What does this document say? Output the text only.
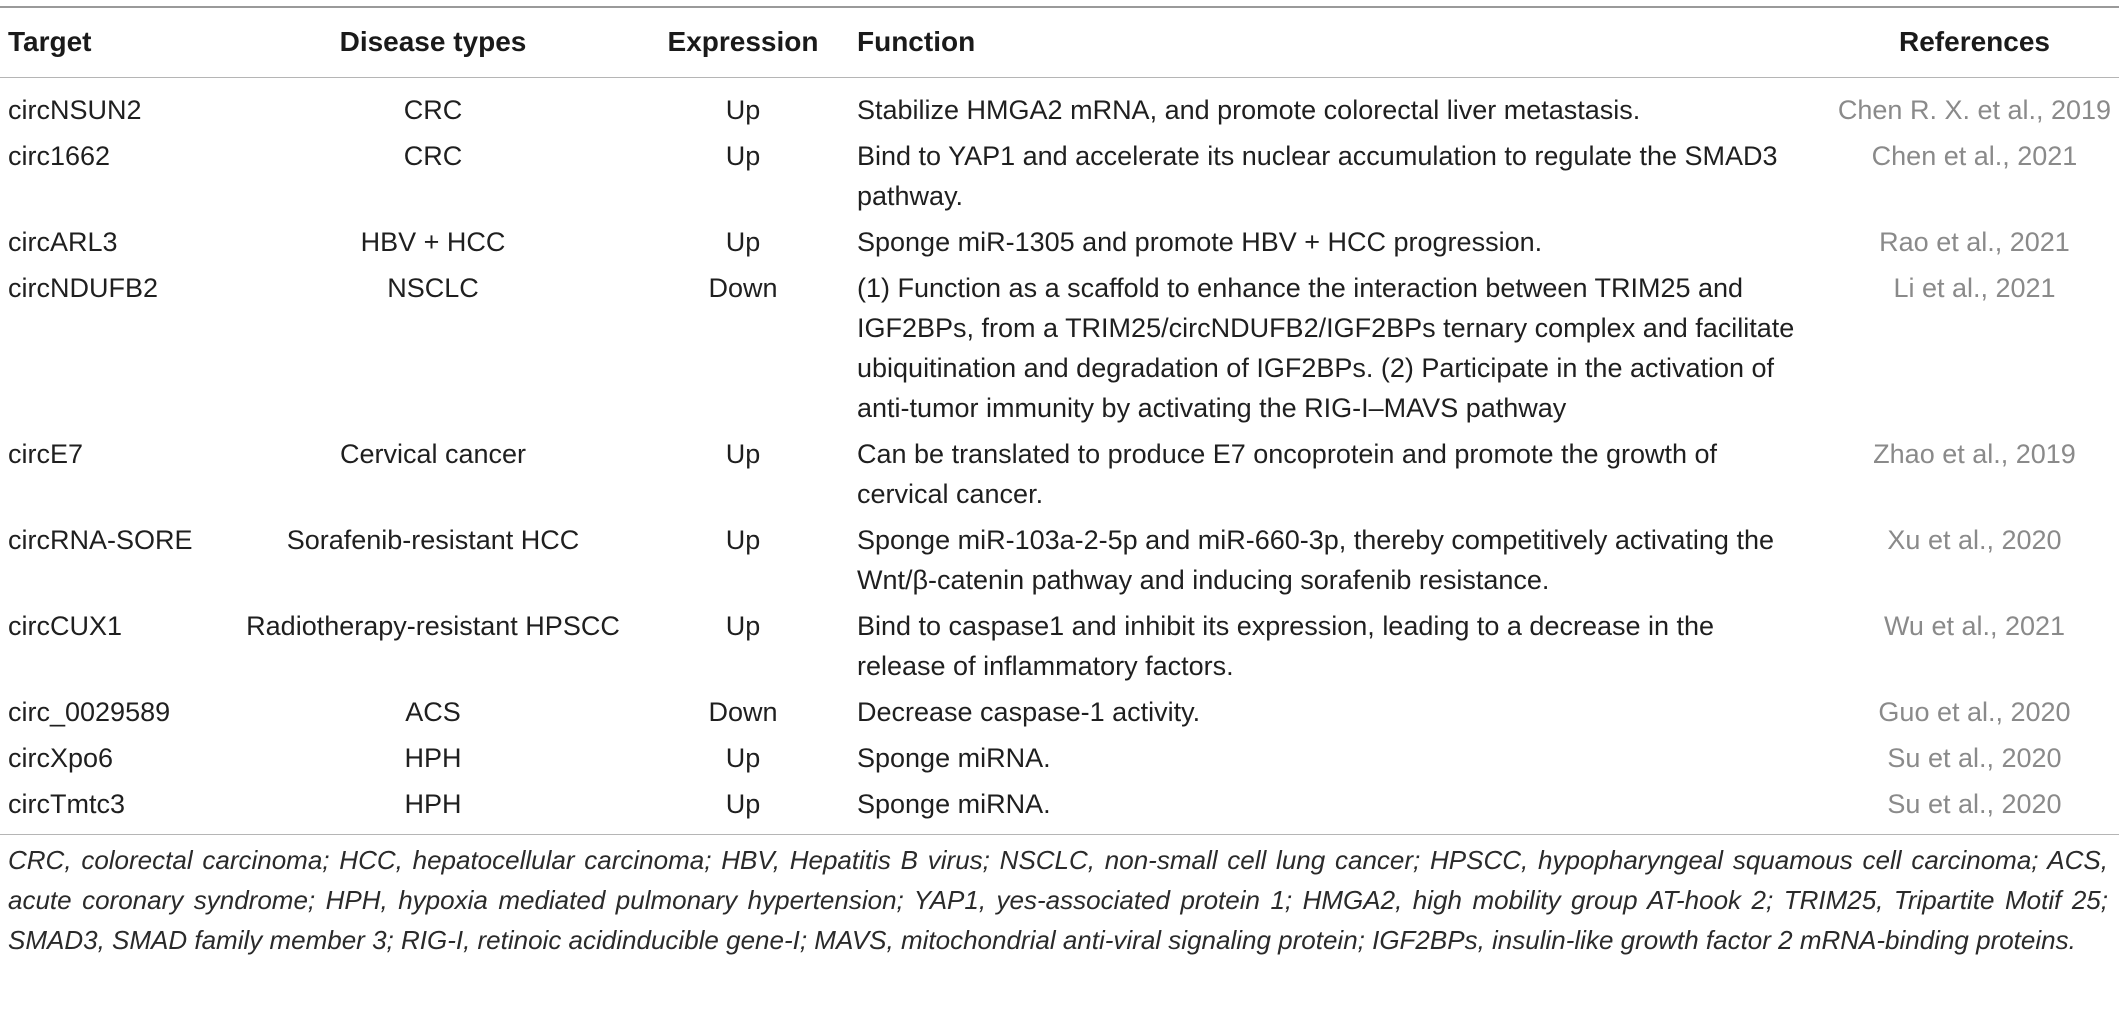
Target	Disease types	Expression	Function	References
circNSUN2	CRC	Up	Stabilize HMGA2 mRNA, and promote colorectal liver metastasis.	Chen R. X. et al., 2019
circ1662	CRC	Up	Bind to YAP1 and accelerate its nuclear accumulation to regulate the SMAD3 pathway.	Chen et al., 2021
circARL3	HBV + HCC	Up	Sponge miR-1305 and promote HBV + HCC progression.	Rao et al., 2021
circNDUFB2	NSCLC	Down	(1) Function as a scaffold to enhance the interaction between TRIM25 and IGF2BPs, from a TRIM25/circNDUFB2/IGF2BPs ternary complex and facilitate ubiquitination and degradation of IGF2BPs. (2) Participate in the activation of anti-tumor immunity by activating the RIG-I–MAVS pathway	Li et al., 2021
circE7	Cervical cancer	Up	Can be translated to produce E7 oncoprotein and promote the growth of cervical cancer.	Zhao et al., 2019
circRNA-SORE	Sorafenib-resistant HCC	Up	Sponge miR-103a-2-5p and miR-660-3p, thereby competitively activating the Wnt/β-catenin pathway and inducing sorafenib resistance.	Xu et al., 2020
circCUX1	Radiotherapy-resistant HPSCC	Up	Bind to caspase1 and inhibit its expression, leading to a decrease in the release of inflammatory factors.	Wu et al., 2021
circ_0029589	ACS	Down	Decrease caspase-1 activity.	Guo et al., 2020
circXpo6	HPH	Up	Sponge miRNA.	Su et al., 2020
circTmtc3	HPH	Up	Sponge miRNA.	Su et al., 2020

CRC, colorectal carcinoma; HCC, hepatocellular carcinoma; HBV, Hepatitis B virus; NSCLC, non-small cell lung cancer; HPSCC, hypopharyngeal squamous cell carcinoma; ACS, acute coronary syndrome; HPH, hypoxia mediated pulmonary hypertension; YAP1, yes-associated protein 1; HMGA2, high mobility group AT-hook 2; TRIM25, Tripartite Motif 25; SMAD3, SMAD family member 3; RIG-I, retinoic acidinducible gene-I; MAVS, mitochondrial anti-viral signaling protein; IGF2BPs, insulin-like growth factor 2 mRNA-binding proteins.
